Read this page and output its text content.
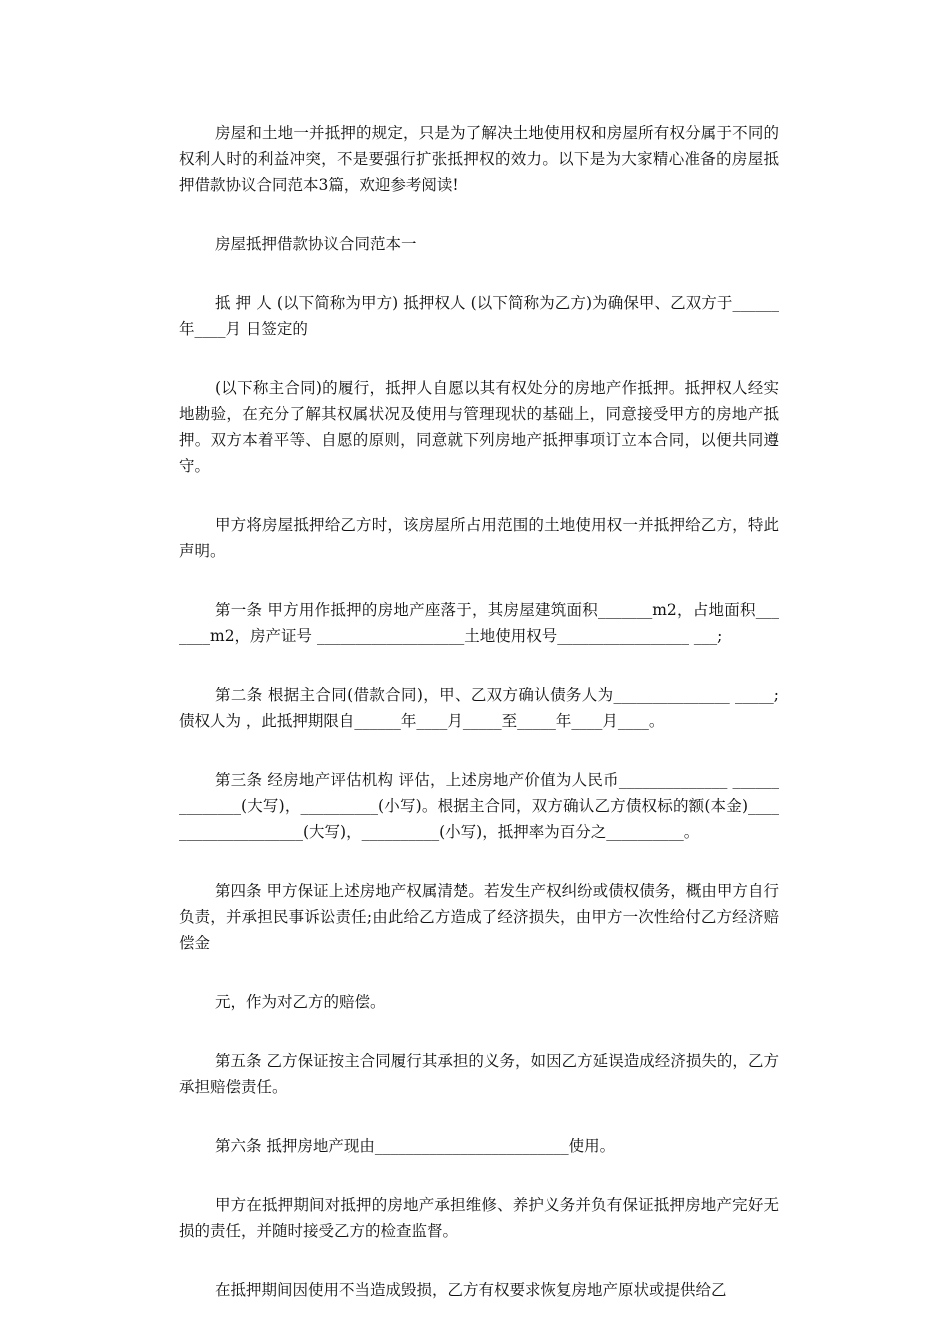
房屋和土地一并抵押的规定，只是为了解决土地使用权和房屋所有权分属于不同的权利人时的利益冲突，不是要强行扩张抵押权的效力。以下是为大家精心准备的房屋抵押借款协议合同范本3篇，欢迎参考阅读!

房屋抵押借款协议合同范本一

抵 押 人 (以下简称为甲方) 抵押权人 (以下简称为乙方)为确保甲、乙双方于______年____月 日签定的

(以下称主合同)的履行，抵押人自愿以其有权处分的房地产作抵押。抵押权人经实地勘验，在充分了解其权属状况及使用与管理现状的基础上，同意接受甲方的房地产抵押。双方本着平等、自愿的原则，同意就下列房地产抵押事项订立本合同，以便共同遵守。

甲方将房屋抵押给乙方时，该房屋所占用范围的土地使用权一并抵押给乙方，特此声明。

第一条 甲方用作抵押的房地产座落于，其房屋建筑面积_______m2，占地面积_______m2，房产证号 ___________________土地使用权号_________________ ___;

第二条 根据主合同(借款合同)，甲、乙双方确认债务人为_______________ _____;债权人为 ，此抵押期限自______年____月_____至_____年____月____。

第三条 经房地产评估机构 评估，上述房地产价值为人民币______________ ______________(大写)，__________(小写)。根据主合同，双方确认乙方债权标的额(本金)____________________(大写)，__________(小写)，抵押率为百分之__________。

第四条 甲方保证上述房地产权属清楚。若发生产权纠纷或债权债务，概由甲方自行负责，并承担民事诉讼责任;由此给乙方造成了经济损失，由甲方一次性给付乙方经济赔偿金

元，作为对乙方的赔偿。

第五条 乙方保证按主合同履行其承担的义务，如因乙方延误造成经济损失的，乙方承担赔偿责任。

第六条 抵押房地产现由_________________________使用。

甲方在抵押期间对抵押的房地产承担维修、养护义务并负有保证抵押房地产完好无损的责任，并随时接受乙方的检查监督。

在抵押期间因使用不当造成毁损，乙方有权要求恢复房地产原状或提供给乙
